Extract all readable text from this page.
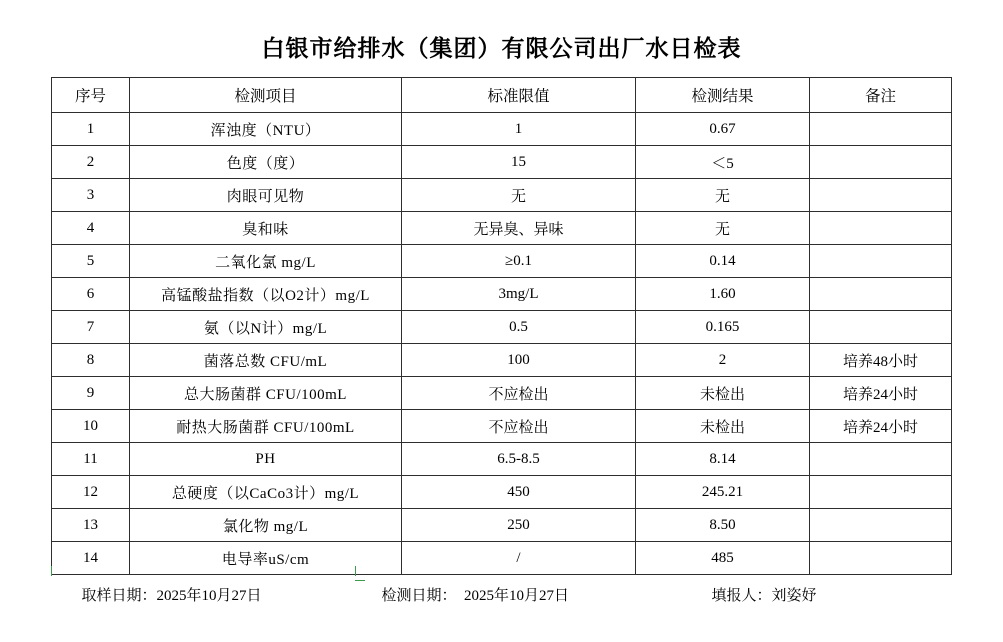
白银市给排水（集团）有限公司出厂水日检表
序号	检测项目	标准限值	检测结果	备注
1	浑浊度（NTU）	1	0.67	
2	色度（度）	15	＜5	
3	肉眼可见物	无	无	
4	臭和味	无异臭、异味	无	
5	二氧化氯 mg/L	≥0.1	0.14	
6	高锰酸盐指数（以O2计）mg/L	3mg/L	1.60	
7	氨（以N计）mg/L	0.5	0.165	
8	菌落总数 CFU/mL	100	2	培养48小时
9	总大肠菌群 CFU/100mL	不应检出	未检出	培养24小时
10	耐热大肠菌群 CFU/100mL	不应检出	未检出	培养24小时
11	PH	6.5-8.5	8.14	
12	总硬度（以CaCo3计）mg/L	450	245.21	
13	氯化物 mg/L	250	8.50	
14	电导率uS/cm	/	485	
取样日期：2025年10月27日	检测日期： 2025年10月27日	填报人：刘姿妤
